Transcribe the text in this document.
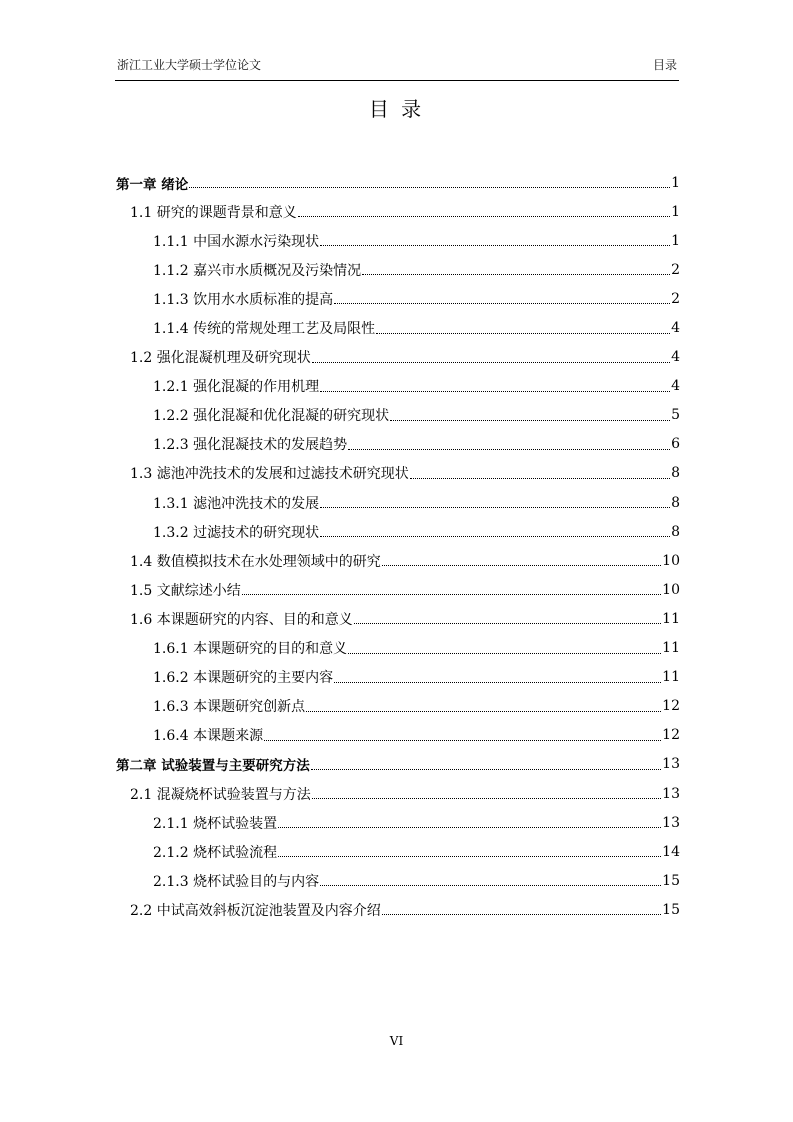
浙江工业大学硕士学位论文	目录
目 录
第一章 绪论	1
1.1 研究的课题背景和意义	1
1.1.1 中国水源水污染现状	1
1.1.2 嘉兴市水质概况及污染情况	2
1.1.3 饮用水水质标准的提高	2
1.1.4 传统的常规处理工艺及局限性	4
1.2 强化混凝机理及研究现状	4
1.2.1 强化混凝的作用机理	4
1.2.2 强化混凝和优化混凝的研究现状	5
1.2.3 强化混凝技术的发展趋势	6
1.3 滤池冲洗技术的发展和过滤技术研究现状	8
1.3.1 滤池冲洗技术的发展	8
1.3.2 过滤技术的研究现状	8
1.4 数值模拟技术在水处理领域中的研究	10
1.5 文献综述小结	10
1.6 本课题研究的内容、目的和意义	11
1.6.1 本课题研究的目的和意义	11
1.6.2 本课题研究的主要内容	11
1.6.3 本课题研究创新点	12
1.6.4 本课题来源	12
第二章 试验装置与主要研究方法	13
2.1 混凝烧杯试验装置与方法	13
2.1.1 烧杯试验装置	13
2.1.2 烧杯试验流程	14
2.1.3 烧杯试验目的与内容	15
2.2 中试高效斜板沉淀池装置及内容介绍	15
VI
